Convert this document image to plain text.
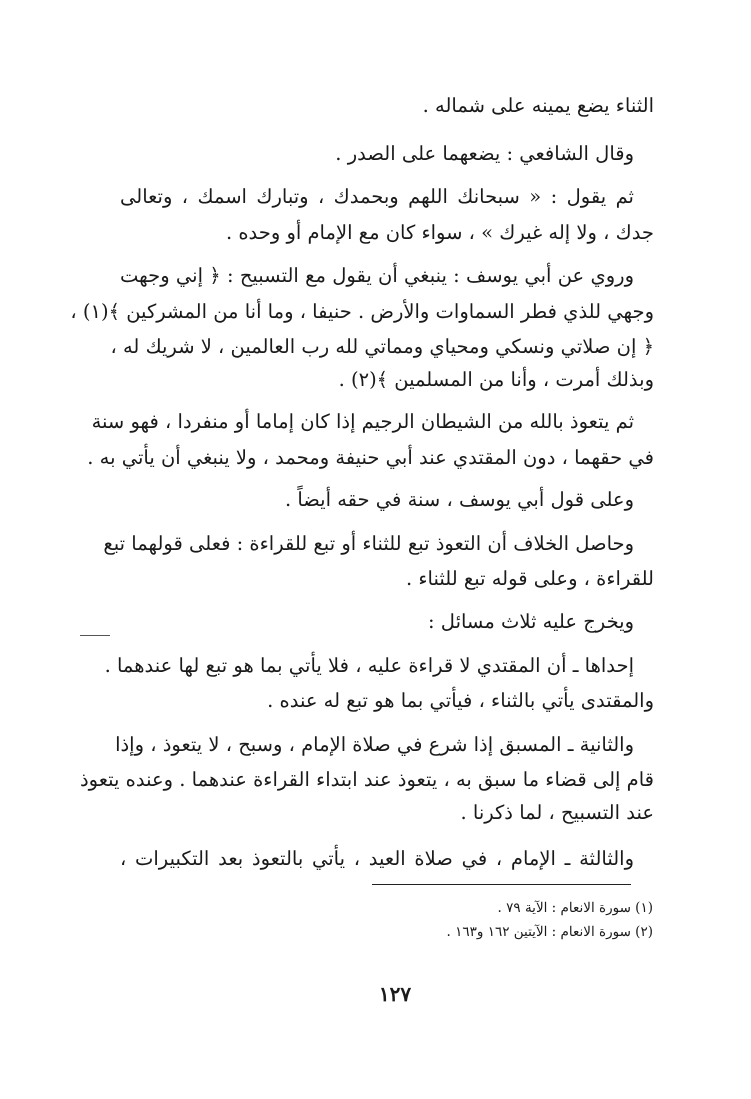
الثناء يضع يمينه على شماله .
وقال الشافعي : يضعهما على الصدر .
ثم يقول : « سبحانك اللهم وبحمدك ، وتبارك اسمك ، وتعالى
جدك ، ولا إله غيرك » ، سواء كان مع الإمام أو وحده .
وروي عن أبي يوسف : ينبغي أن يقول مع التسبيح : ﴿ إني وجهت
وجهي للذي فطر السماوات والأرض . حنيفا ، وما أنا من المشركين ﴾(١) ،
﴿ إن صلاتي ونسكي ومحياي ومماتي لله رب العالمين ، لا شريك له ،
وبذلك أمرت ، وأنا من المسلمين ﴾(٢) .
ثم يتعوذ بالله من الشيطان الرجيم إذا كان إماما أو منفردا ، فهو سنة
في حقهما ، دون المقتدي عند أبي حنيفة ومحمد ، ولا ينبغي أن يأتي به .
وعلى قول أبي يوسف ، سنة في حقه أيضاً .
وحاصل الخلاف أن التعوذ تبع للثناء أو تبع للقراءة : فعلى قولهما تبع
للقراءة ، وعلى قوله تبع للثناء .
ويخرج عليه ثلاث مسائل :
إحداها ـ أن المقتدي لا قراءة عليه ، فلا يأتي بما هو تبع لها عندهما .
والمقتدى يأتي بالثناء ، فيأتي بما هو تبع له عنده .
والثانية ـ المسبق إذا شرع في صلاة الإمام ، وسبح ، لا يتعوذ ، وإذا
قام إلى قضاء ما سبق به ، يتعوذ عند ابتداء القراءة عندهما . وعنده يتعوذ
عند التسبيح ، لما ذكرنا .
والثالثة ـ الإمام ، في صلاة العيد ، يأتي بالتعوذ بعد التكبيرات ،
(١) سورة الانعام : الآية ٧٩ .
(٢) سورة الانعام : الآيتين ١٦٢ و١٦٣ .
١٢٧
